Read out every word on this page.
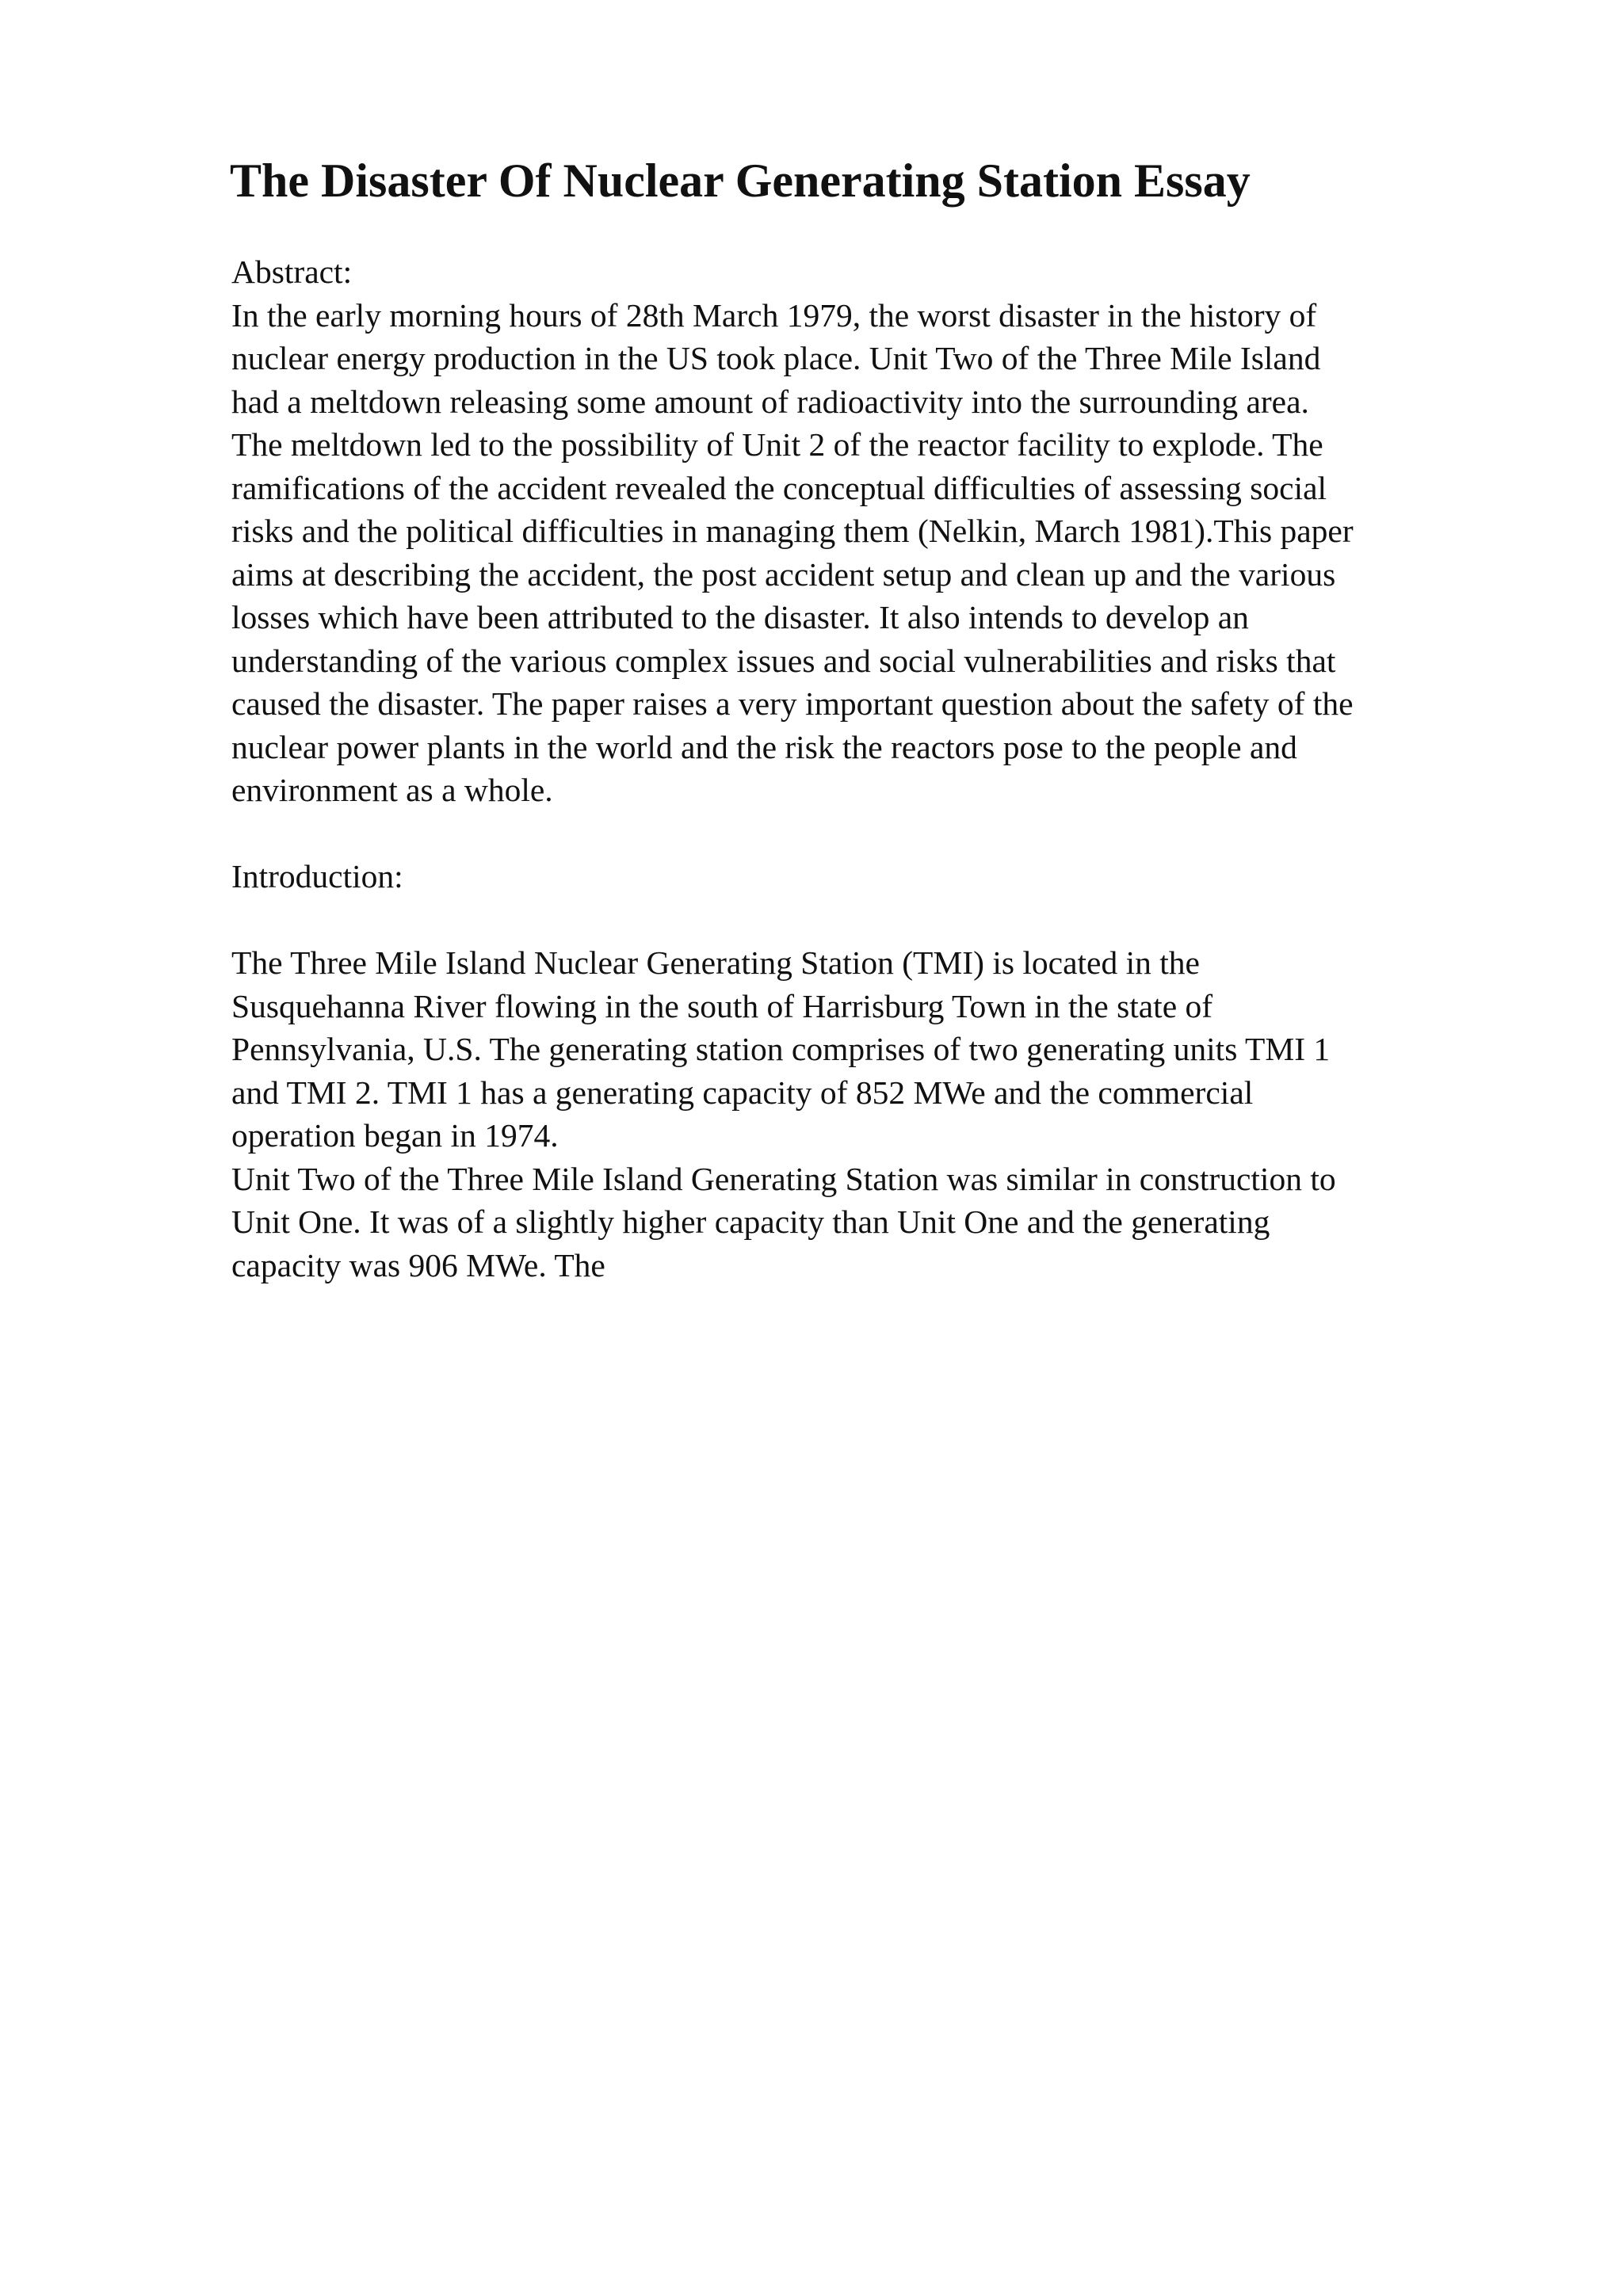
The Disaster Of Nuclear Generating Station Essay
Abstract:
In the early morning hours of 28th March 1979, the worst disaster in the history of
nuclear energy production in the US took place. Unit Two of the Three Mile Island
had a meltdown releasing some amount of radioactivity into the surrounding area.
The meltdown led to the possibility of Unit 2 of the reactor facility to explode. The
ramifications of the accident revealed the conceptual difficulties of assessing social
risks and the political difficulties in managing them (Nelkin, March 1981).This paper
aims at describing the accident, the post accident setup and clean up and the various
losses which have been attributed to the disaster. It also intends to develop an
understanding of the various complex issues and social vulnerabilities and risks that
caused the disaster. The paper raises a very important question about the safety of the
nuclear power plants in the world and the risk the reactors pose to the people and
environment as a whole.
Introduction:
The Three Mile Island Nuclear Generating Station (TMI) is located in the
Susquehanna River flowing in the south of Harrisburg Town in the state of
Pennsylvania, U.S. The generating station comprises of two generating units TMI 1
and TMI 2. TMI 1 has a generating capacity of 852 MWe and the commercial
operation began in 1974.
Unit Two of the Three Mile Island Generating Station was similar in construction to
Unit One. It was of a slightly higher capacity than Unit One and the generating
capacity was 906 MWe. The
